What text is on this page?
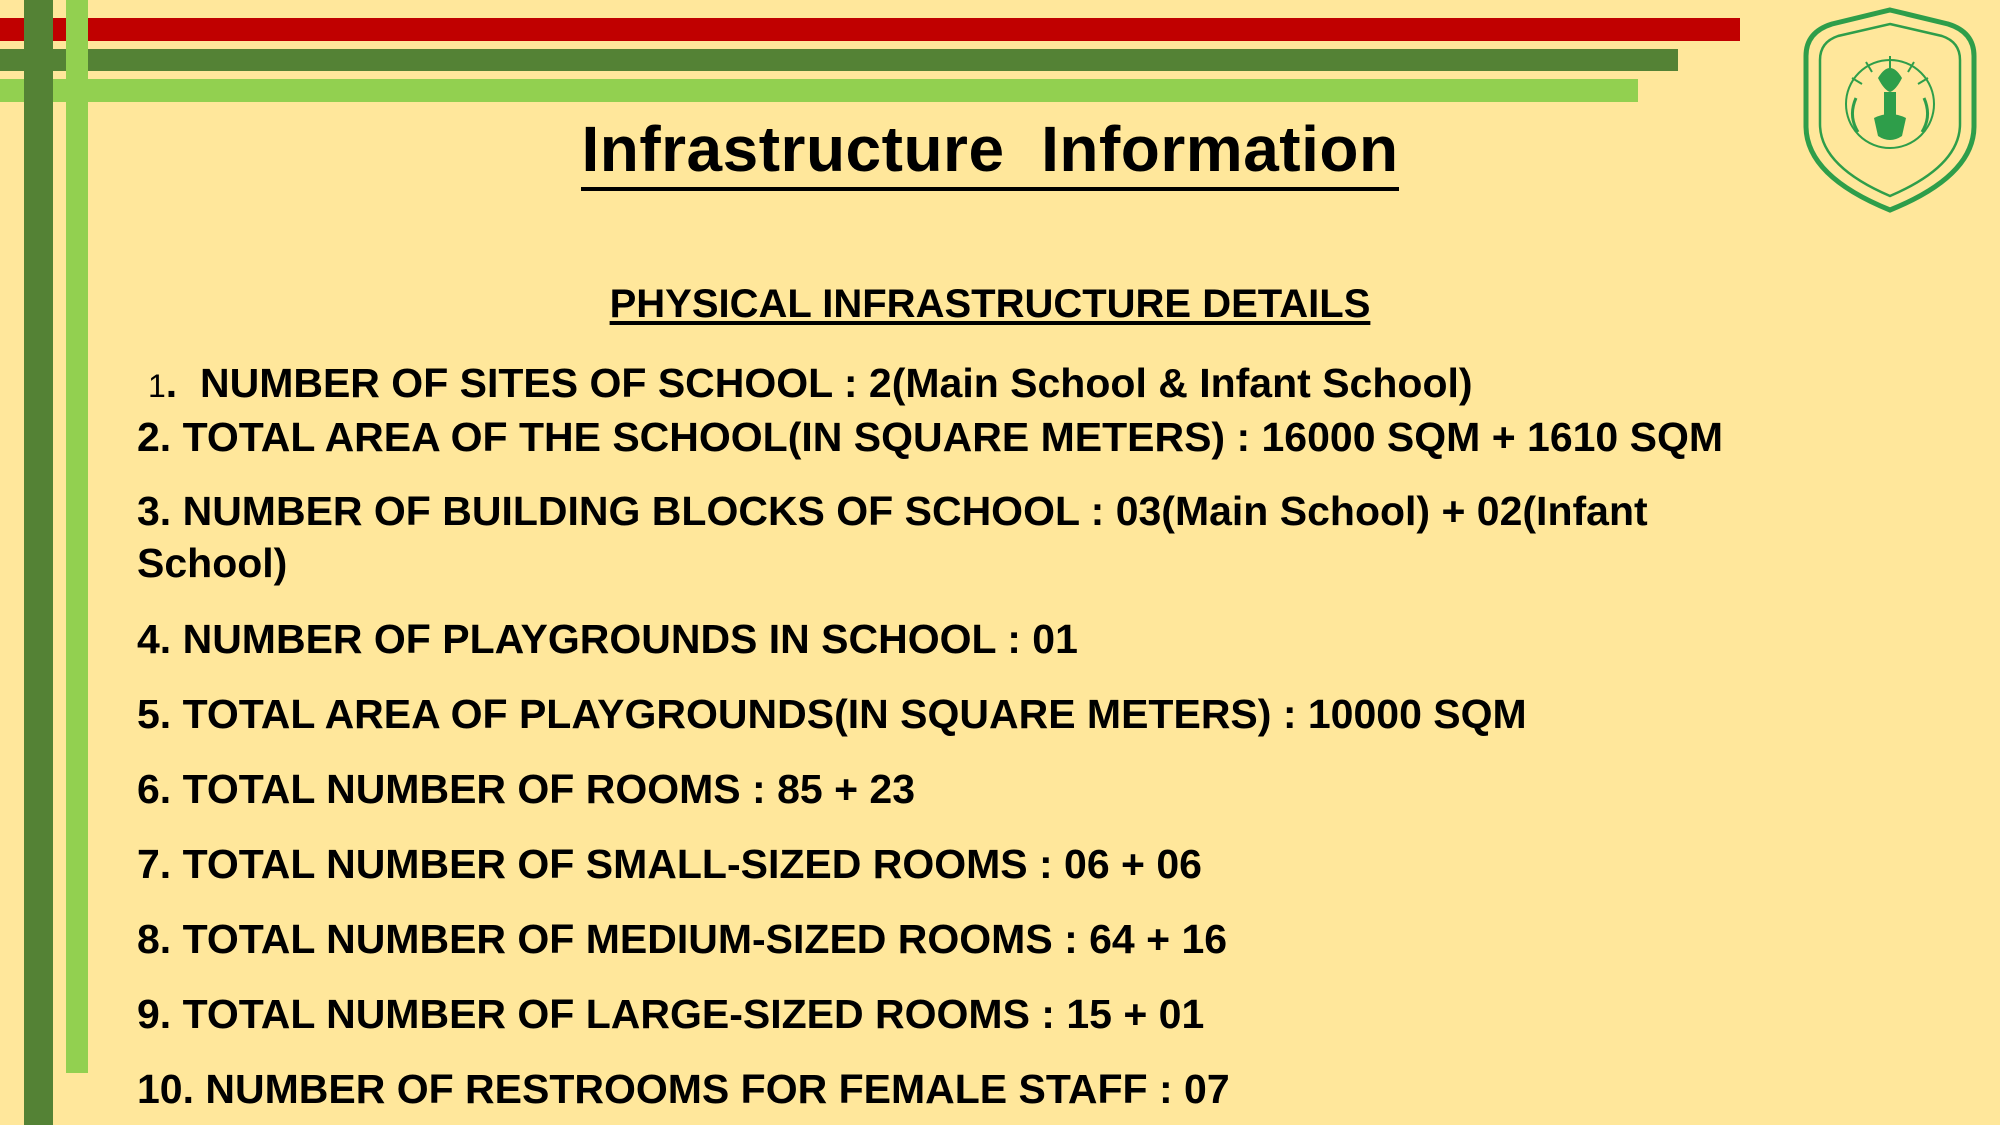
Infrastructure  Information
PHYSICAL INFRASTRUCTURE DETAILS
1.  NUMBER OF SITES OF SCHOOL : 2(Main School & Infant School)
2. TOTAL AREA OF THE SCHOOL(IN SQUARE METERS) : 16000 SQM + 1610 SQM
3. NUMBER OF BUILDING BLOCKS OF SCHOOL : 03(Main School) + 02(Infant School)
4. NUMBER OF PLAYGROUNDS IN SCHOOL : 01
5. TOTAL AREA OF PLAYGROUNDS(IN SQUARE METERS) : 10000 SQM
6. TOTAL NUMBER OF ROOMS : 85 + 23
7. TOTAL NUMBER OF SMALL-SIZED ROOMS : 06 + 06
8. TOTAL NUMBER OF MEDIUM-SIZED ROOMS : 64 + 16
9. TOTAL NUMBER OF LARGE-SIZED ROOMS : 15 + 01
10. NUMBER OF RESTROOMS FOR FEMALE STAFF : 07
